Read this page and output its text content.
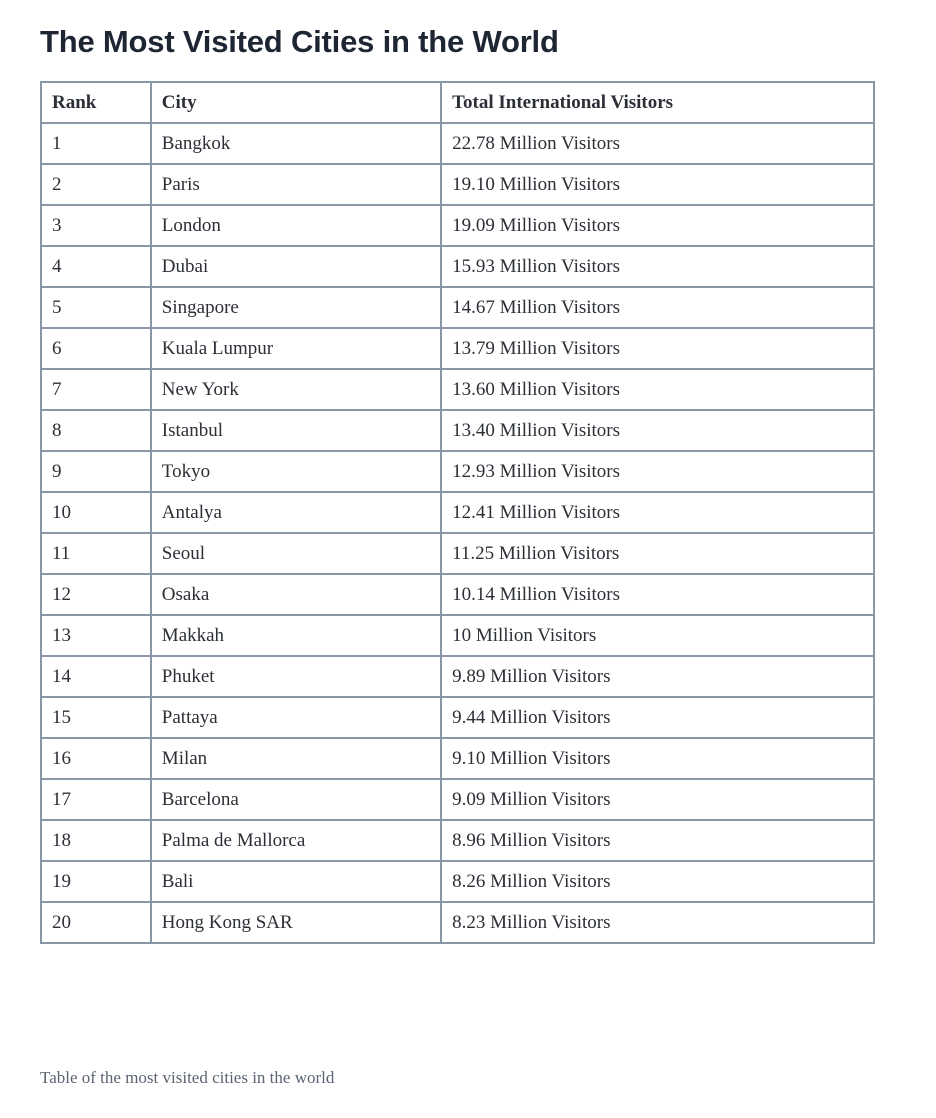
The Most Visited Cities in the World
Rank	City	Total International Visitors
1	Bangkok	22.78 Million Visitors
2	Paris	19.10 Million Visitors
3	London	19.09 Million Visitors
4	Dubai	15.93 Million Visitors
5	Singapore	14.67 Million Visitors
6	Kuala Lumpur	13.79 Million Visitors
7	New York	13.60 Million Visitors
8	Istanbul	13.40 Million Visitors
9	Tokyo	12.93 Million Visitors
10	Antalya	12.41 Million Visitors
11	Seoul	11.25 Million Visitors
12	Osaka	10.14 Million Visitors
13	Makkah	10 Million Visitors
14	Phuket	9.89 Million Visitors
15	Pattaya	9.44 Million Visitors
16	Milan	9.10 Million Visitors
17	Barcelona	9.09 Million Visitors
18	Palma de Mallorca	8.96 Million Visitors
19	Bali	8.26 Million Visitors
20	Hong Kong SAR	8.23 Million Visitors

Table of the most visited cities in the world
